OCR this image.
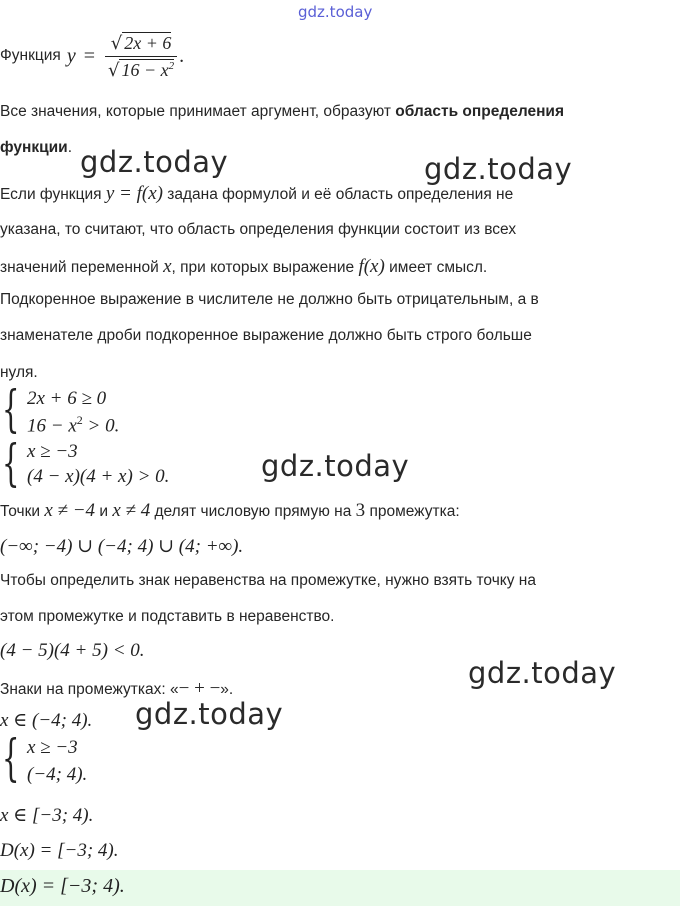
gdz.today
Функция $y = \frac{√ 2x + 6}{√ 16 - x^2}$ .
Все значения, которые принимает аргумент, образуют область определения
функции.
Если функция y = f(x) задана формулой и её область определения не
указана, то считают, что область определения функции состоит из всех
значений переменной x, при которых выражение f(x) имеет смысл.
Подкоренное выражение в числителе не должно быть отрицательным, а в
знаменателе дроби подкоренное выражение должно быть строго больше
нуля.
{ 2x + 6 ≥ 0
$16 - x^2 > 0$.
{ x ≥ −3
(4 − x)(4 + x) > 0.
Точки x ≠ −4 и x ≠ 4 делят числовую прямую на 3 промежутка:
(−∞; −4) ∪ (−4; 4) ∪ (4; +∞).
Чтобы определить знак неравенства на промежутке, нужно взять точку на
этом промежутке и подставить в неравенство.
(4 − 5)(4 + 5) < 0.
Знаки на промежутках: «− + −».
x ∈ (−4; 4).
{ x ≥ −3
(−4; 4).
x ∈ [−3; 4).
D(x) = [−3; 4).
D(x) = [−3; 4).
gdz.today	gdz.today
gdz.today
gdz.today
gdz.today
